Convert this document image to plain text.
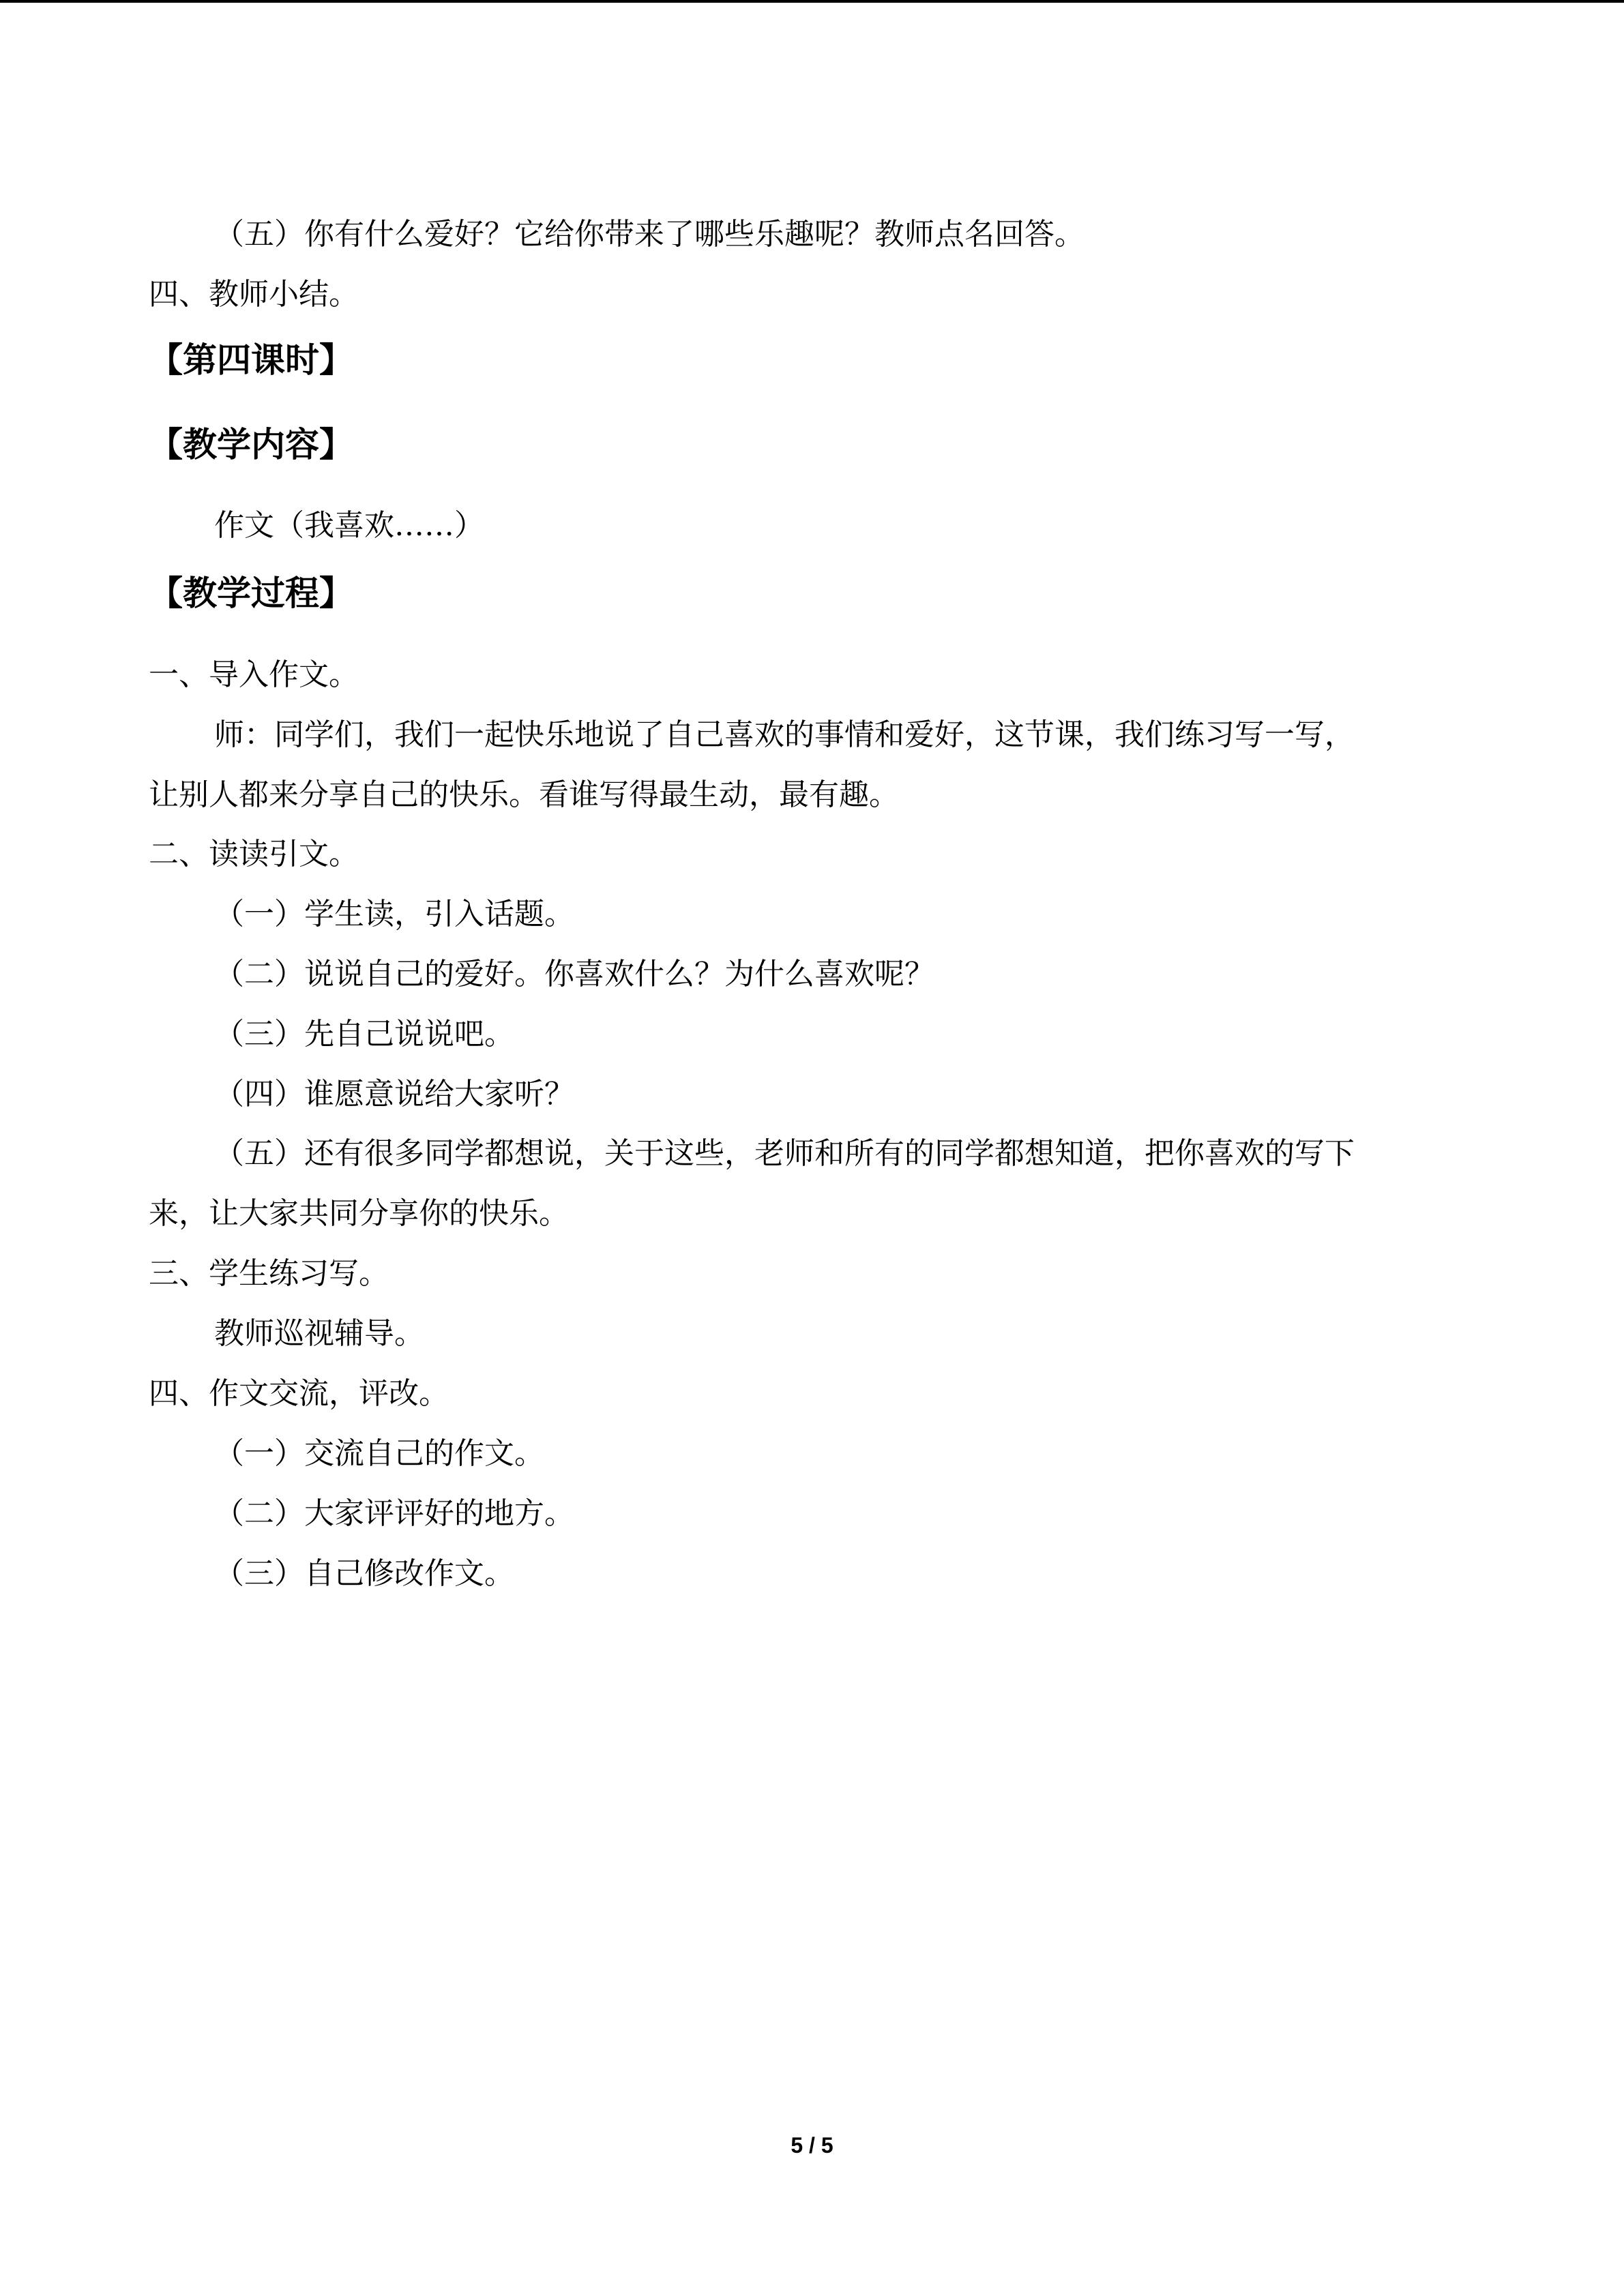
（五）你有什么爱好？它给你带来了哪些乐趣呢？教师点名回答。
四、教师小结。
【第四课时】
【教学内容】
作文（我喜欢……）
【教学过程】
一、导入作文。
师：同学们，我们一起快乐地说了自己喜欢的事情和爱好，这节课，我们练习写一写，
让别人都来分享自己的快乐。看谁写得最生动，最有趣。
二、读读引文。
（一）学生读，引入话题。
（二）说说自己的爱好。你喜欢什么？为什么喜欢呢？
（三）先自己说说吧。
（四）谁愿意说给大家听？
（五）还有很多同学都想说，关于这些，老师和所有的同学都想知道，把你喜欢的写下
来，让大家共同分享你的快乐。
三、学生练习写。
教师巡视辅导。
四、作文交流，评改。
（一）交流自己的作文。
（二）大家评评好的地方。
（三）自己修改作文。
5 / 5
